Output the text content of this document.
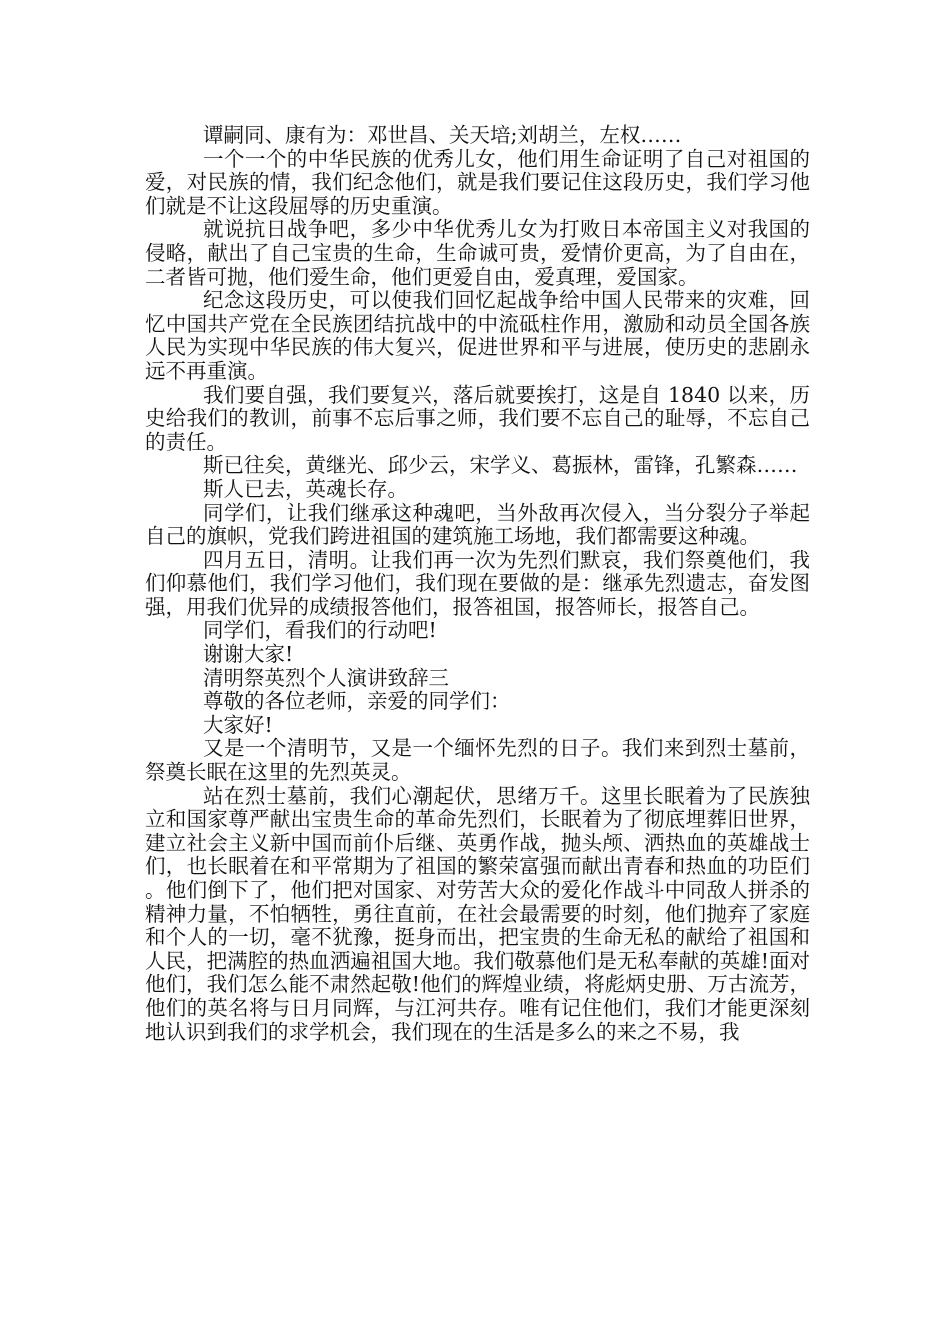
谭嗣同、康有为：邓世昌、关天培;刘胡兰，左权……

一个一个的中华民族的优秀儿女，他们用生命证明了自己对祖国的爱，对民族的情，我们纪念他们，就是我们要记住这段历史，我们学习他们就是不让这段屈辱的历史重演。

就说抗日战争吧，多少中华优秀儿女为打败日本帝国主义对我国的侵略，献出了自己宝贵的生命，生命诚可贵，爱情价更高，为了自由在，二者皆可抛，他们爱生命，他们更爱自由，爱真理，爱国家。

纪念这段历史，可以使我们回忆起战争给中国人民带来的灾难，回忆中国共产党在全民族团结抗战中的中流砥柱作用，激励和动员全国各族人民为实现中华民族的伟大复兴，促进世界和平与进展，使历史的悲剧永远不再重演。

我们要自强，我们要复兴，落后就要挨打，这是自 1840 以来，历史给我们的教训，前事不忘后事之师，我们要不忘自己的耻辱，不忘自己的责任。

斯已往矣，黄继光、邱少云，宋学义、葛振林，雷锋，孔繁森……

斯人已去，英魂长存。

同学们，让我们继承这种魂吧，当外敌再次侵入，当分裂分子举起自己的旗帜，党我们跨进祖国的建筑施工场地，我们都需要这种魂。

四月五日，清明。让我们再一次为先烈们默哀，我们祭奠他们，我们仰慕他们，我们学习他们，我们现在要做的是：继承先烈遗志，奋发图强，用我们优异的成绩报答他们，报答祖国，报答师长，报答自己。

同学们，看我们的行动吧!

谢谢大家!

清明祭英烈个人演讲致辞三

尊敬的各位老师，亲爱的同学们：

大家好!

又是一个清明节，又是一个缅怀先烈的日子。我们来到烈士墓前，祭奠长眠在这里的先烈英灵。

站在烈士墓前，我们心潮起伏，思绪万千。这里长眠着为了民族独立和国家尊严献出宝贵生命的革命先烈们，长眠着为了彻底埋葬旧世界，建立社会主义新中国而前仆后继、英勇作战，抛头颅、洒热血的英雄战士们，也长眠着在和平常期为了祖国的繁荣富强而献出青春和热血的功臣们。他们倒下了，他们把对国家、对劳苦大众的爱化作战斗中同敌人拼杀的精神力量，不怕牺牲，勇往直前，在社会最需要的时刻，他们抛弃了家庭和个人的一切，毫不犹豫，挺身而出，把宝贵的生命无私的献给了祖国和人民，把满腔的热血洒遍祖国大地。我们敬慕他们是无私奉献的英雄!面对他们，我们怎么能不肃然起敬!他们的辉煌业绩，将彪炳史册、万古流芳，他们的英名将与日月同辉，与江河共存。唯有记住他们，我们才能更深刻地认识到我们的求学机会，我们现在的生活是多么的来之不易，我
